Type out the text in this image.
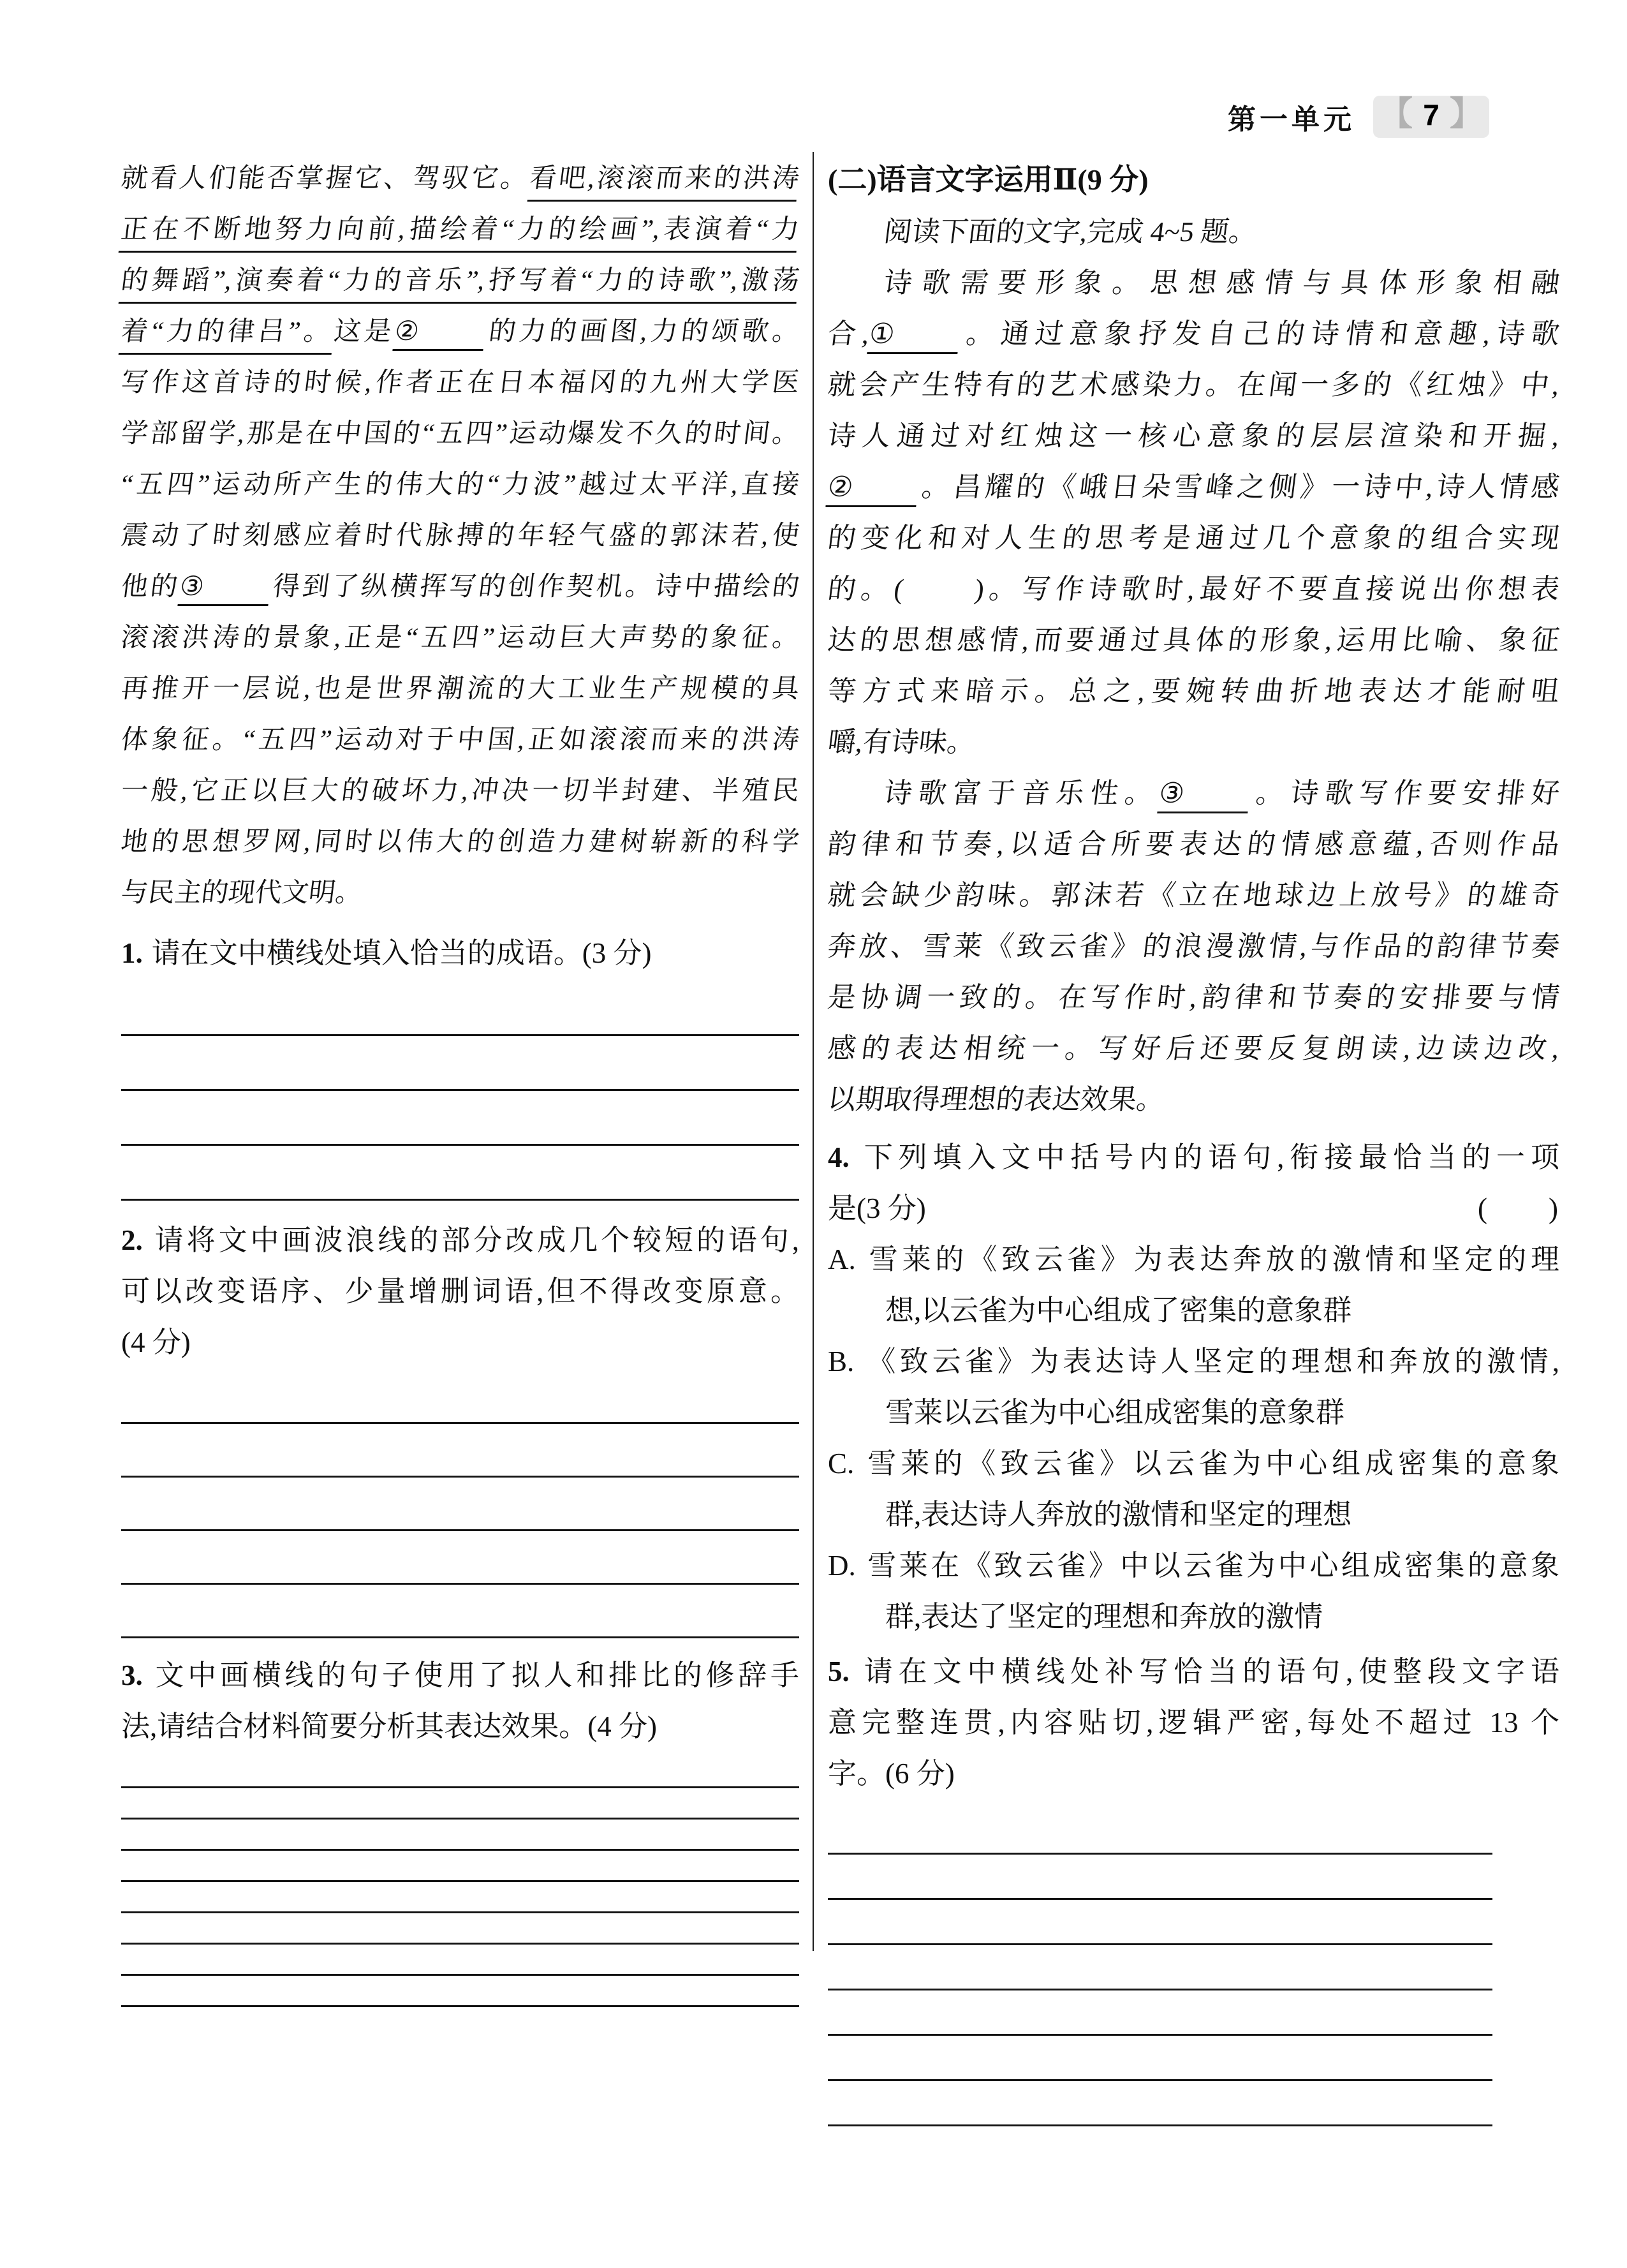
第一单元 【 7 】
就看人们能否掌握它、驾驭它。看吧,滚滚而来的洪涛
正在不断地努力向前,描绘着“力的绘画”,表演着“力
的舞蹈”,演奏着“力的音乐”,抒写着“力的诗歌”,激荡
着“力的律吕”。这是② 的力的画图,力的颂歌。
写作这首诗的时候,作者正在日本福冈的九州大学医
学部留学,那是在中国的“五四”运动爆发不久的时间。
“五四”运动所产生的伟大的“力波”越过太平洋,直接
震动了时刻感应着时代脉搏的年轻气盛的郭沫若,使
他的③ 得到了纵横挥写的创作契机。诗中描绘的
滚滚洪涛的景象,正是“五四”运动巨大声势的象征。
再推开一层说,也是世界潮流的大工业生产规模的具
体象征。“五四”运动对于中国,正如滚滚而来的洪涛
一般,它正以巨大的破坏力,冲决一切半封建、半殖民
地的思想罗网,同时以伟大的创造力建树崭新的科学
与民主的现代文明。
1. 请在文中横线处填入恰当的成语。(3 分)
2. 请将文中画波浪线的部分改成几个较短的语句,
可以改变语序、少量增删词语,但不得改变原意。
(4 分)
3. 文中画横线的句子使用了拟人和排比的修辞手
法,请结合材料简要分析其表达效果。(4 分)
(二)语言文字运用Ⅱ(9 分)
阅读下面的文字,完成 4~5 题。
诗歌需要形象。思想感情与具体形象相融
合,① 。通过意象抒发自己的诗情和意趣,诗歌
就会产生特有的艺术感染力。在闻一多的《红烛》中,
诗人通过对红烛这一核心意象的层层渲染和开掘,
② 。昌耀的《峨日朵雪峰之侧》一诗中,诗人情感
的变化和对人生的思考是通过几个意象的组合实现
的。(　　)。写作诗歌时,最好不要直接说出你想表
达的思想感情,而要通过具体的形象,运用比喻、象征
等方式来暗示。总之,要婉转曲折地表达才能耐咀
嚼,有诗味。
诗歌富于音乐性。③ 。诗歌写作要安排好
韵律和节奏,以适合所要表达的情感意蕴,否则作品
就会缺少韵味。郭沫若《立在地球边上放号》的雄奇
奔放、雪莱《致云雀》的浪漫激情,与作品的韵律节奏
是协调一致的。在写作时,韵律和节奏的安排要与情
感的表达相统一。写好后还要反复朗读,边读边改,
以期取得理想的表达效果。
4. 下列填入文中括号内的语句,衔接最恰当的一项
(　　)
是(3 分)
A. 雪莱的《致云雀》为表达奔放的激情和坚定的理
想,以云雀为中心组成了密集的意象群
B. 《致云雀》为表达诗人坚定的理想和奔放的激情,
雪莱以云雀为中心组成密集的意象群
C. 雪莱的《致云雀》以云雀为中心组成密集的意象
群,表达诗人奔放的激情和坚定的理想
D. 雪莱在《致云雀》中以云雀为中心组成密集的意象
群,表达了坚定的理想和奔放的激情
5. 请在文中横线处补写恰当的语句,使整段文字语
意完整连贯,内容贴切,逻辑严密,每处不超过 13 个
字。(6 分)
